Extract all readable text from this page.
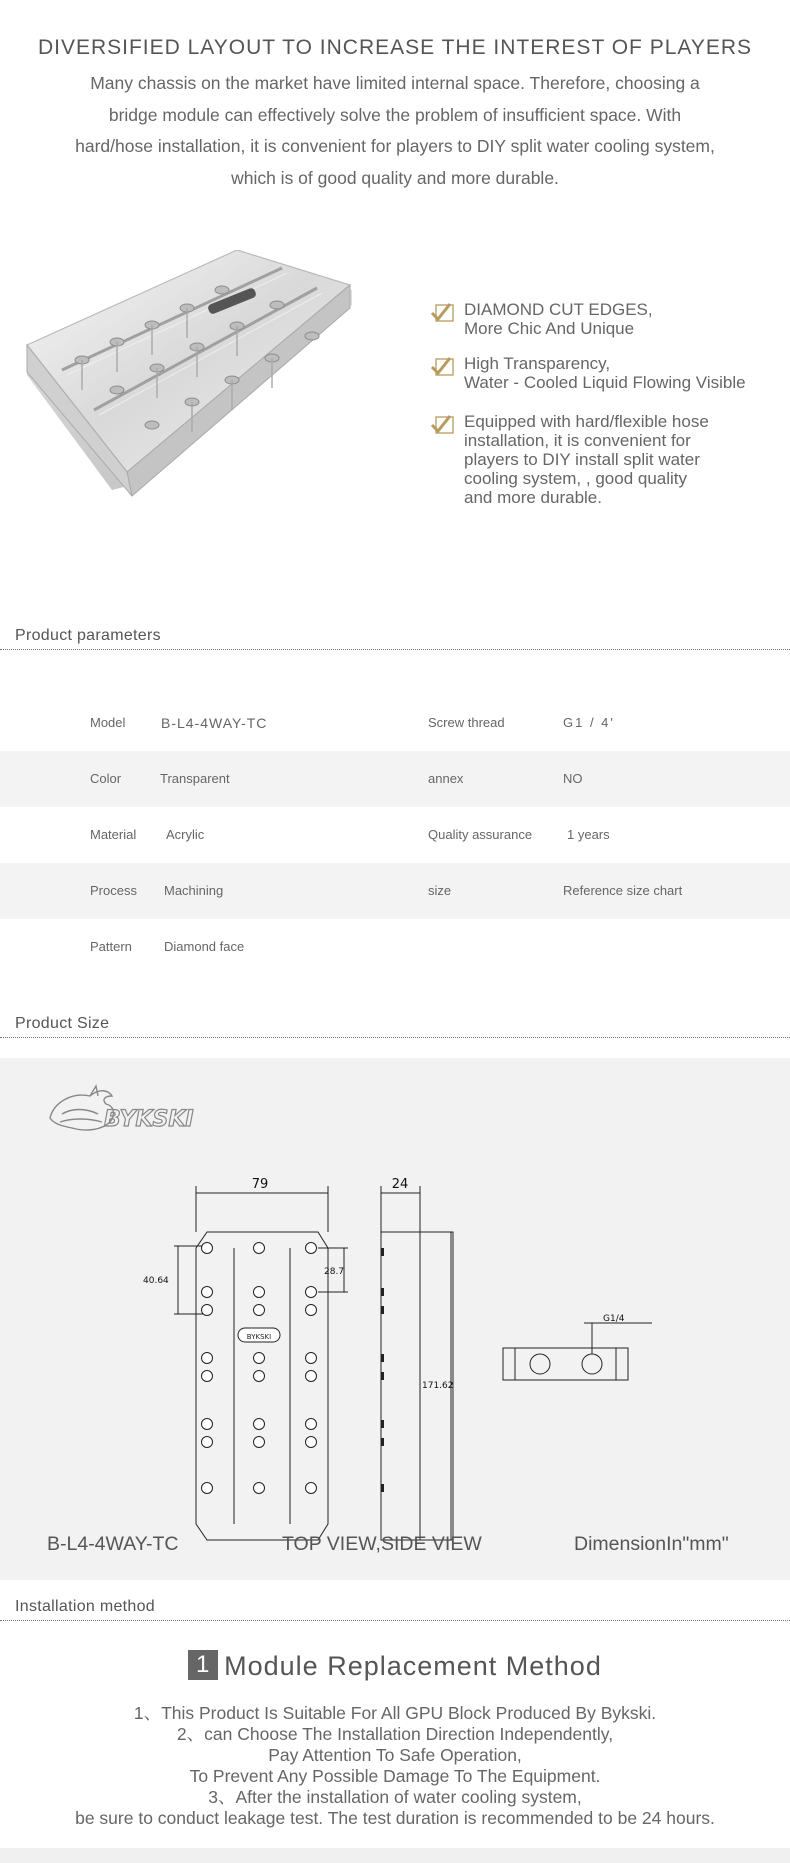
DIVERSIFIED LAYOUT TO INCREASE THE INTEREST OF PLAYERS
Many chassis on the market have limited internal space. Therefore, choosing a
bridge module can effectively solve the problem of insufficient space. With
hard/hose installation, it is convenient for players to DIY split water cooling system,
which is of good quality and more durable.
DIAMOND CUT EDGES,
More Chic And Unique
High Transparency,
Water - Cooled Liquid Flowing Visible
Equipped with hard/flexible hose
installation, it is convenient for
players to DIY install split water
cooling system, , good quality
and more durable.
Product parameters
Model	B-L4-4WAY-TC	Screw thread	G1 / 4'
Color	Transparent	annex	NO
Material Acrylic	Quality assurance	1 years
Process Machining	size	Reference size chart
Pattern Diamond face
Product Size
BYKSKI
BYKSKI
79	24
40.64
28.7
171.62
G1/4
B-L4-4WAY-TC	TOP VIEW,SIDE VIEW	DimensionIn"mm"
Installation method
1 Module Replacement Method
1、This Product Is Suitable For All GPU Block Produced By Bykski.
2、can Choose The Installation Direction Independently,
Pay Attention To Safe Operation,
To Prevent Any Possible Damage To The Equipment.
3、After the installation of water cooling system,
be sure to conduct leakage test. The test duration is recommended to be 24 hours.
